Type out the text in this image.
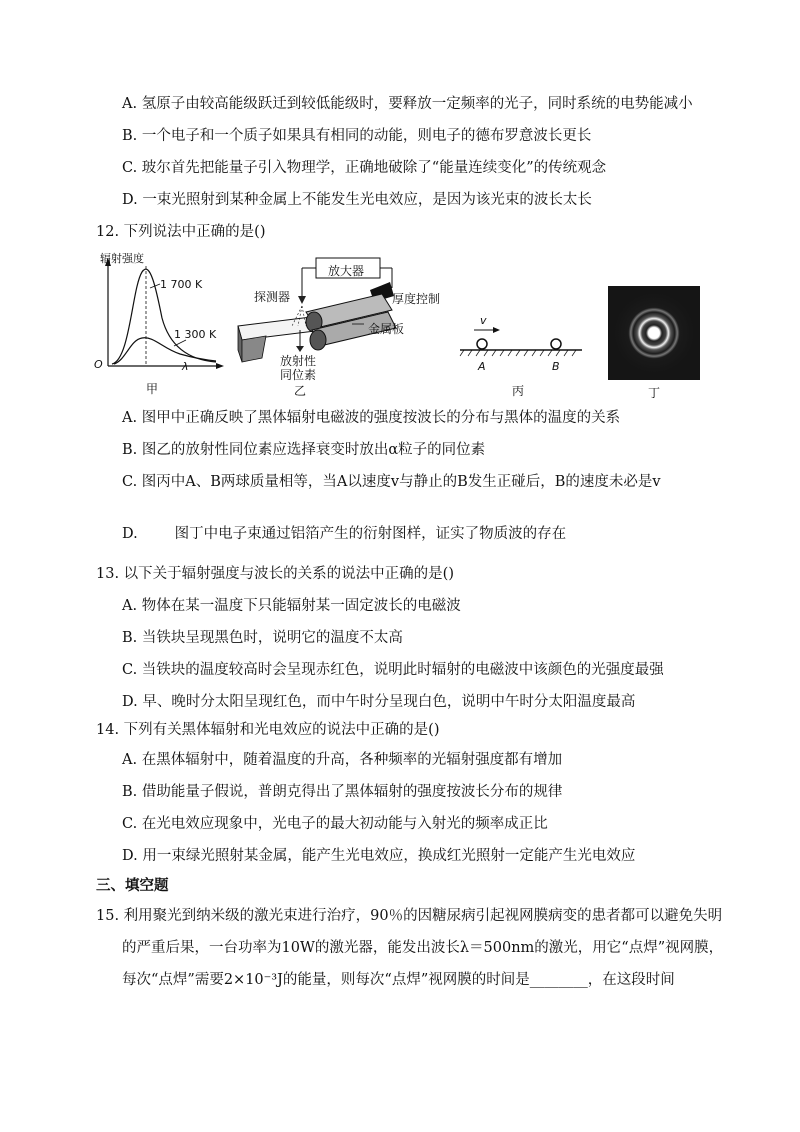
A. 氢原子由较高能级跃迁到较低能级时，要释放一定频率的光子，同时系统的电势能减小
B. 一个电子和一个质子如果具有相同的动能，则电子的德布罗意波长更长
C. 玻尔首先把能量子引入物理学，正确地破除了“能量连续变化”的传统观念
D. 一束光照射到某种金属上不能发生光电效应，是因为该光束的波长太长
12. 下列说法中正确的是()
辐射强度
1 700 K
1 300 K
O	λ
甲
放大器
探测器	厚度控制
金属板
放射性
同位素
乙
v
A	B
丙	丁
A. 图甲中正确反映了黑体辐射电磁波的强度按波长的分布与黑体的温度的关系
B. 图乙的放射性同位素应选择衰变时放出α粒子的同位素
C. 图丙中A、B两球质量相等，当A以速度v与静止的B发生正碰后，B的速度未必是v
D.        图丁中电子束通过铝箔产生的衍射图样，证实了物质波的存在
13. 以下关于辐射强度与波长的关系的说法中正确的是()
A. 物体在某一温度下只能辐射某一固定波长的电磁波
B. 当铁块呈现黑色时，说明它的温度不太高
C. 当铁块的温度较高时会呈现赤红色，说明此时辐射的电磁波中该颜色的光强度最强
D. 早、晚时分太阳呈现红色，而中午时分呈现白色，说明中午时分太阳温度最高
14. 下列有关黑体辐射和光电效应的说法中正确的是()
A. 在黑体辐射中，随着温度的升高，各种频率的光辐射强度都有增加
B. 借助能量子假说，普朗克得出了黑体辐射的强度按波长分布的规律
C. 在光电效应现象中，光电子的最大初动能与入射光的频率成正比
D. 用一束绿光照射某金属，能产生光电效应，换成红光照射一定能产生光电效应
三、填空题
15. 利用聚光到纳米级的激光束进行治疗，90％的因糖尿病引起视网膜病变的患者都可以避免失明
的严重后果，一台功率为10W的激光器，能发出波长λ＝500nm的激光，用它“点焊”视网膜，
每次“点焊”需要2×10⁻³J的能量，则每次“点焊”视网膜的时间是________，在这段时间
